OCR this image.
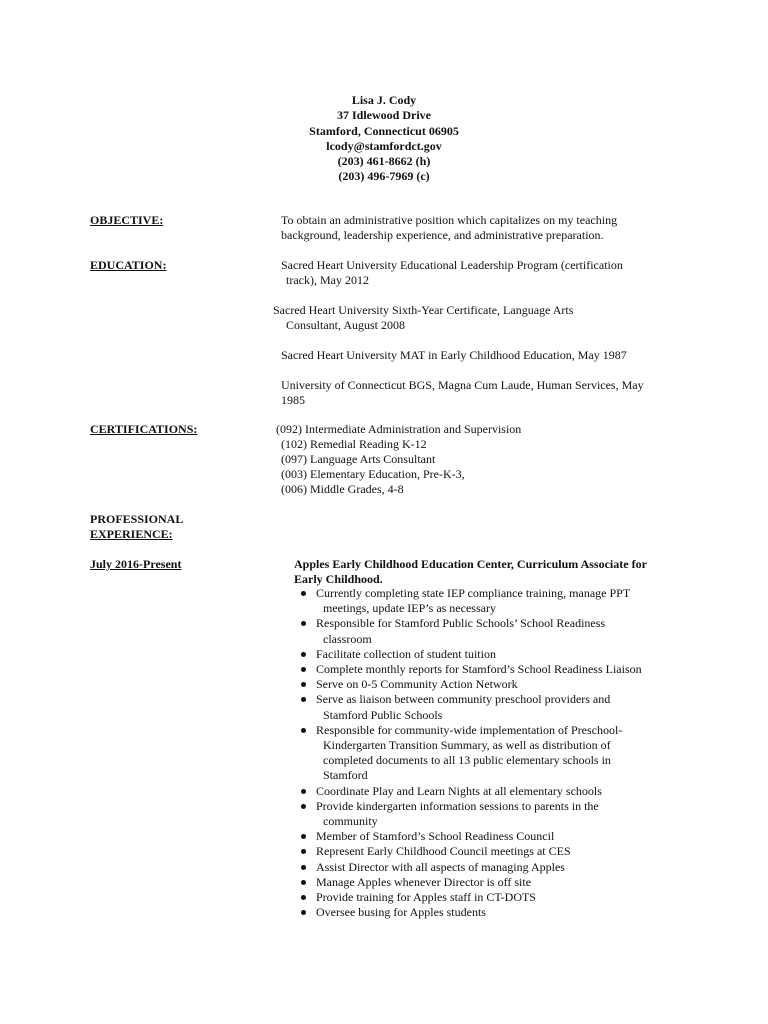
Lisa J. Cody
37 Idlewood Drive
Stamford, Connecticut 06905
lcody@stamfordct.gov
(203) 461-8662 (h)
(203) 496-7969 (c)
OBJECTIVE:	To obtain an administrative position which capitalizes on my teaching
background, leadership experience, and administrative preparation.
EDUCATION:	Sacred Heart University Educational Leadership Program (certification
track), May 2012
Sacred Heart University Sixth-Year Certificate, Language Arts
Consultant, August 2008
Sacred Heart University MAT in Early Childhood Education, May 1987
University of Connecticut BGS, Magna Cum Laude, Human Services, May
1985
CERTIFICATIONS:	(092) Intermediate Administration and Supervision
(102) Remedial Reading K-12
(097) Language Arts Consultant
(003) Elementary Education, Pre-K-3,
(006) Middle Grades, 4-8
PROFESSIONAL
EXPERIENCE:
July 2016-Present	Apples Early Childhood Education Center, Curriculum Associate for
Early Childhood.
Currently completing state IEP compliance training, manage PPT
meetings, update IEP’s as necessary
Responsible for Stamford Public Schools’ School Readiness
classroom
Facilitate collection of student tuition
Complete monthly reports for Stamford’s School Readiness Liaison
Serve on 0-5 Community Action Network
Serve as liaison between community preschool providers and
Stamford Public Schools
Responsible for community-wide implementation of Preschool-
Kindergarten Transition Summary, as well as distribution of
completed documents to all 13 public elementary schools in
Stamford
Coordinate Play and Learn Nights at all elementary schools
Provide kindergarten information sessions to parents in the
community
Member of Stamford’s School Readiness Council
Represent Early Childhood Council meetings at CES
Assist Director with all aspects of managing Apples
Manage Apples whenever Director is off site
Provide training for Apples staff in CT-DOTS
Oversee busing for Apples students
